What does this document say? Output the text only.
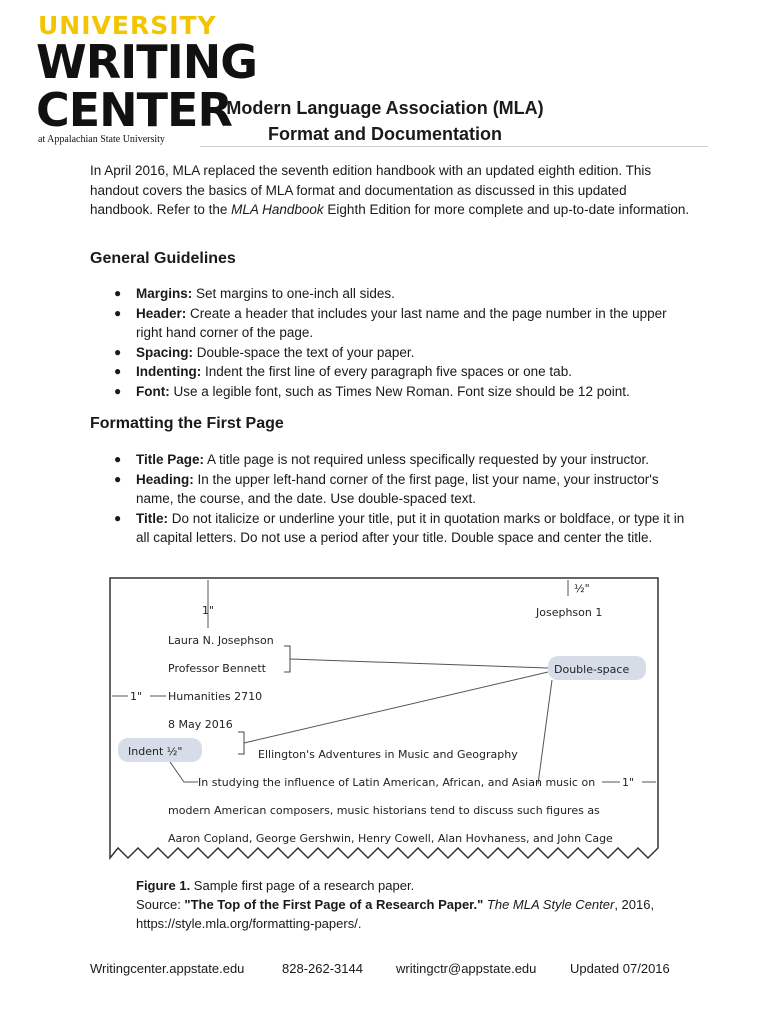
UNIVERSITY
WRITING
CENTER
at Appalachian State University
Modern Language Association (MLA)
Format and Documentation
In April 2016, MLA replaced the seventh edition handbook with an updated eighth edition. This handout covers the basics of MLA format and documentation as discussed in this updated handbook. Refer to the MLA Handbook Eighth Edition for more complete and up-to-date information.
General Guidelines
● Margins: Set margins to one-inch all sides.
● Header: Create a header that includes your last name and the page number in the upper right hand corner of the page.
● Spacing: Double-space the text of your paper.
● Indenting: Indent the first line of every paragraph five spaces or one tab.
● Font: Use a legible font, such as Times New Roman. Font size should be 12 point.
Formatting the First Page
● Title Page: A title page is not required unless specifically requested by your instructor.
● Heading: In the upper left-hand corner of the first page, list your name, your instructor's name, the course, and the date. Use double-spaced text.
● Title: Do not italicize or underline your title, put it in quotation marks or boldface, or type it in all capital letters. Do not use a period after your title. Double space and center the title.
1"
½"
Josephson 1
Laura N. Josephson
Professor Bennett
Humanities 2710
8 May 2016
1"
Double-space
Ellington's Adventures in Music and Geography
Indent ½"
In studying the influence of Latin American, African, and Asian music on
modern American composers, music historians tend to discuss such figures as
Aaron Copland, George Gershwin, Henry Cowell, Alan Hovhaness, and John Cage
1"
Figure 1. Sample first page of a research paper.
Source: "The Top of the First Page of a Research Paper." The MLA Style Center, 2016, https://style.mla.org/formatting-papers/.
Writingcenter.appstate.edu	828-262-3144	writingctr@appstate.edu	Updated 07/2016
